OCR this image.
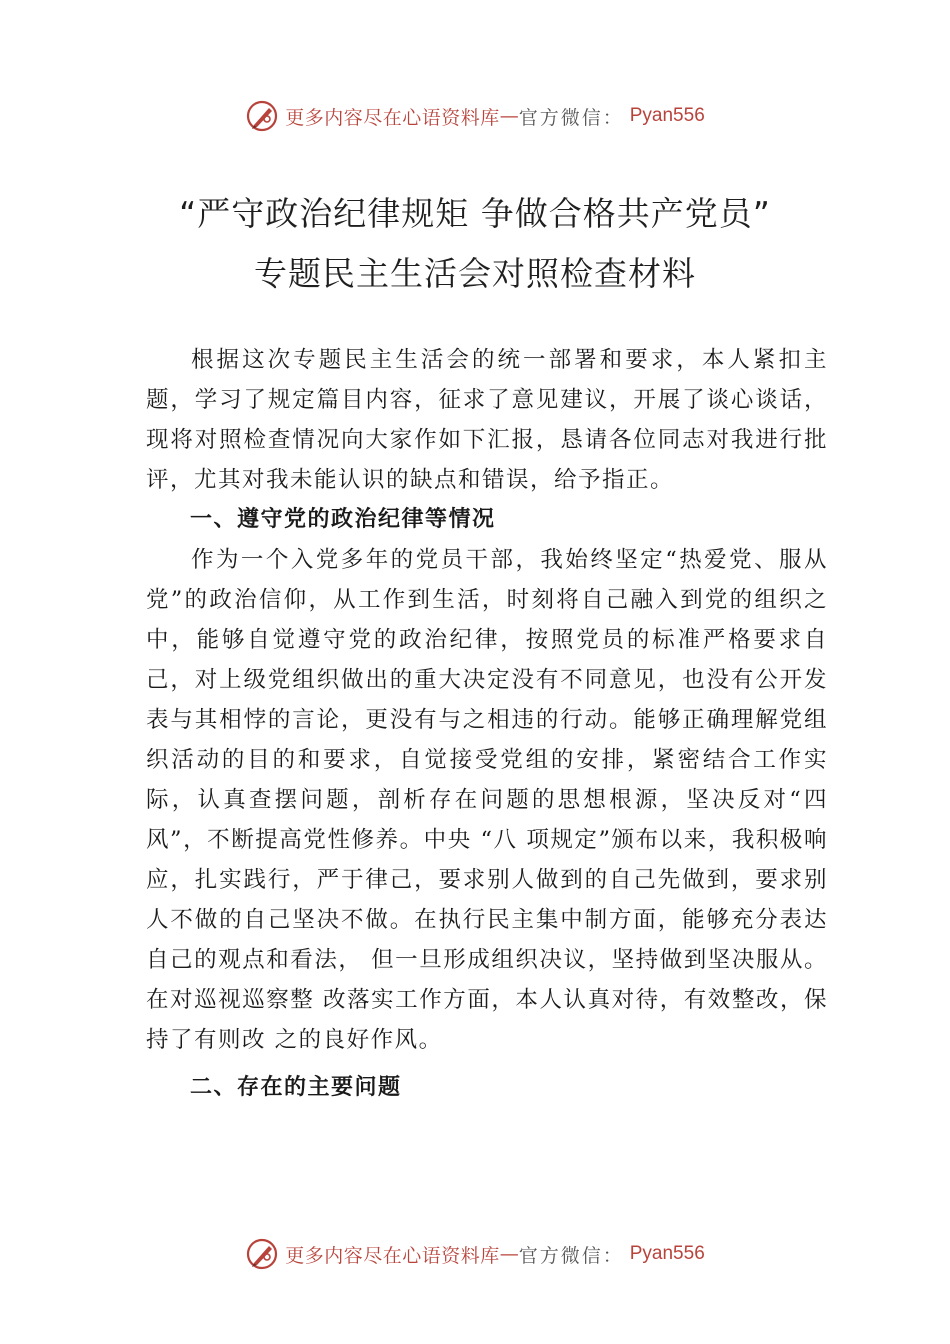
更多内容尽在心语资料库 — 官方微信： Pyan556
“严守政治纪律规矩 争做合格共产党员”
专题民主生活会对照检查材料

根据这次专题民主生活会的统一部署和要求，本人紧扣主题，学习了规定篇目内容，征求了意见建议，开展了谈心谈话，现将对照检查情况向大家作如下汇报，恳请各位同志对我进行批评，尤其对我未能认识的缺点和错误，给予指正。

一、遵守党的政治纪律等情况

作为一个入党多年的党员干部，我始终坚定“热爱党、服从党”的政治信仰，从工作到生活，时刻将自己融入到党的组织之中，能够自觉遵守党的政治纪律，按照党员的标准严格要求自己，对上级党组织做出的重大决定没有不同意见，也没有公开发表与其相悖的言论，更没有与之相违的行动。能够正确理解党组织活动的目的和要求，自觉接受党组的安排，紧密结合工作实际，认真查摆问题，剖析存在问题的思想根源，坚决反对“四风”，不断提高党性修养。中央 “八 项规定”颁布以来，我积极响应，扎实践行，严于律己，要求别人做到的自己先做到，要求别人不做的自己坚决不做。在执行民主集中制方面，能够充分表达自己的观点和看法， 但一旦形成组织决议，坚持做到坚决服从。在对巡视巡察整 改落实工作方面，本人认真对待，有效整改，保持了有则改 之的良好作风。

二、存在的主要问题

更多内容尽在心语资料库 — 官方微信： Pyan556
